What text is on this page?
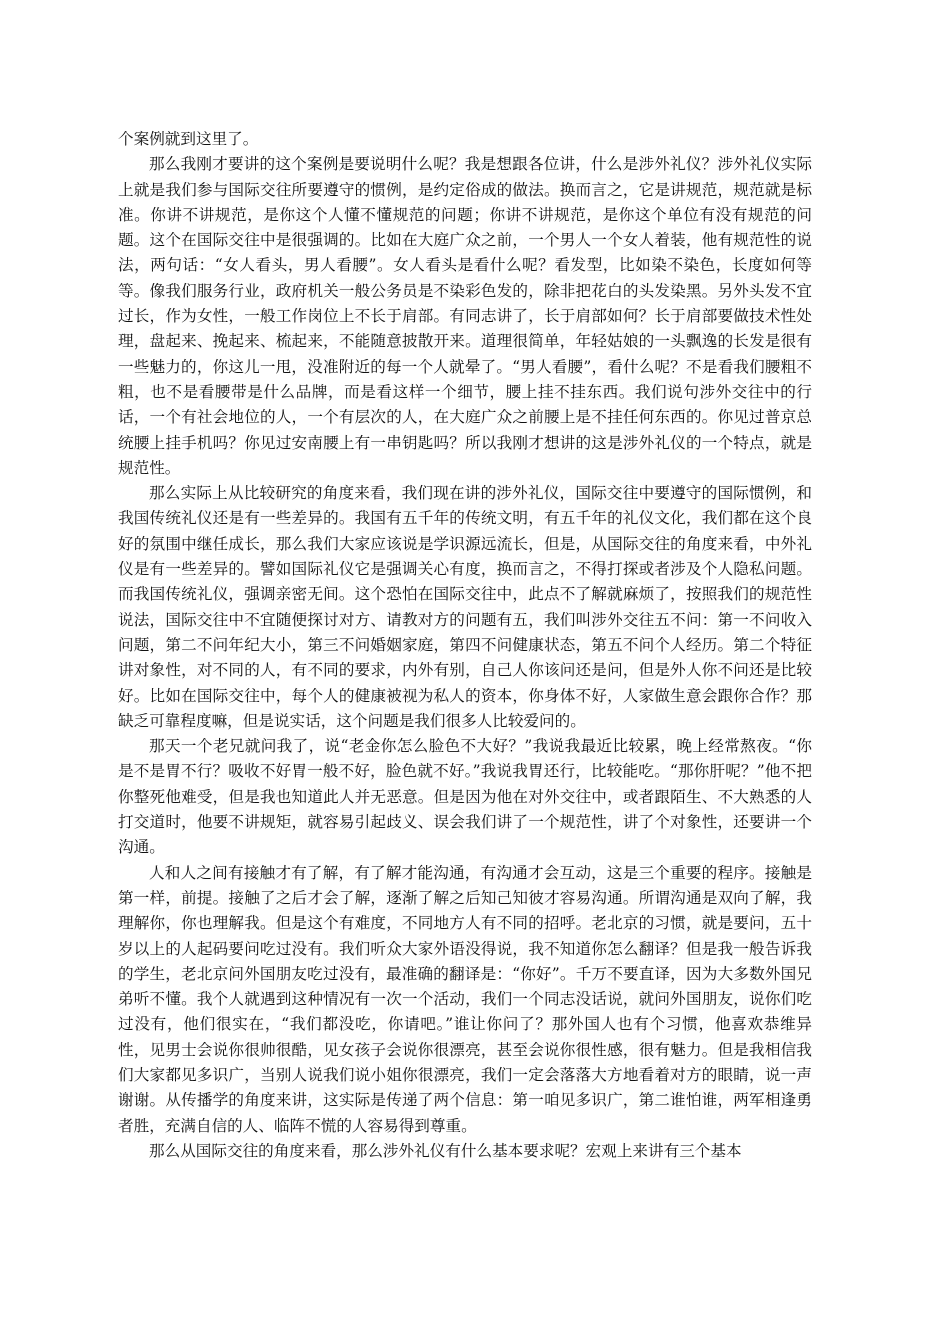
个案例就到这里了。

那么我刚才要讲的这个案例是要说明什么呢？我是想跟各位讲，什么是涉外礼仪？涉外礼仪实际上就是我们参与国际交往所要遵守的惯例，是约定俗成的做法。换而言之，它是讲规范，规范就是标准。你讲不讲规范，是你这个人懂不懂规范的问题；你讲不讲规范，是你这个单位有没有规范的问题。这个在国际交往中是很强调的。比如在大庭广众之前，一个男人一个女人着装，他有规范性的说法，两句话：“女人看头，男人看腰”。女人看头是看什么呢？看发型，比如染不染色，长度如何等等。像我们服务行业，政府机关一般公务员是不染彩色发的，除非把花白的头发染黑。另外头发不宜过长，作为女性，一般工作岗位上不长于肩部。有同志讲了，长于肩部如何？长于肩部要做技术性处理，盘起来、挽起来、梳起来，不能随意披散开来。道理很简单，年轻姑娘的一头飘逸的长发是很有一些魅力的，你这儿一甩，没准附近的每一个人就晕了。“男人看腰”，看什么呢？不是看我们腰粗不粗，也不是看腰带是什么品牌，而是看这样一个细节，腰上挂不挂东西。我们说句涉外交往中的行话，一个有社会地位的人，一个有层次的人，在大庭广众之前腰上是不挂任何东西的。你见过普京总统腰上挂手机吗？你见过安南腰上有一串钥匙吗？所以我刚才想讲的这是涉外礼仪的一个特点，就是规范性。

那么实际上从比较研究的角度来看，我们现在讲的涉外礼仪，国际交往中要遵守的国际惯例，和我国传统礼仪还是有一些差异的。我国有五千年的传统文明，有五千年的礼仪文化，我们都在这个良好的氛围中继任成长，那么我们大家应该说是学识源远流长，但是，从国际交往的角度来看，中外礼仪是有一些差异的。譬如国际礼仪它是强调关心有度，换而言之，不得打探或者涉及个人隐私问题。而我国传统礼仪，强调亲密无间。这个恐怕在国际交往中，此点不了解就麻烦了，按照我们的规范性说法，国际交往中不宜随便探讨对方、请教对方的问题有五，我们叫涉外交往五不问：第一不问收入问题，第二不问年纪大小，第三不问婚姻家庭，第四不问健康状态，第五不问个人经历。第二个特征讲对象性，对不同的人，有不同的要求，内外有别，自己人你该问还是问，但是外人你不问还是比较好。比如在国际交往中，每个人的健康被视为私人的资本，你身体不好，人家做生意会跟你合作？那缺乏可靠程度嘛，但是说实话，这个问题是我们很多人比较爱问的。

那天一个老兄就问我了，说“老金你怎么脸色不大好？”我说我最近比较累，晚上经常熬夜。“你是不是胃不行？吸收不好胃一般不好，脸色就不好。”我说我胃还行，比较能吃。“那你肝呢？”他不把你整死他难受，但是我也知道此人并无恶意。但是因为他在对外交往中，或者跟陌生、不大熟悉的人打交道时，他要不讲规矩，就容易引起歧义、误会我们讲了一个规范性，讲了个对象性，还要讲一个沟通。

人和人之间有接触才有了解，有了解才能沟通，有沟通才会互动，这是三个重要的程序。接触是第一样，前提。接触了之后才会了解，逐渐了解之后知己知彼才容易沟通。所谓沟通是双向了解，我理解你，你也理解我。但是这个有难度，不同地方人有不同的招呼。老北京的习惯，就是要问，五十岁以上的人起码要问吃过没有。我们听众大家外语没得说，我不知道你怎么翻译？但是我一般告诉我的学生，老北京问外国朋友吃过没有，最准确的翻译是：“你好”。千万不要直译，因为大多数外国兄弟听不懂。我个人就遇到这种情况有一次一个活动，我们一个同志没话说，就问外国朋友，说你们吃过没有，他们很实在，“我们都没吃，你请吧。”谁让你问了？那外国人也有个习惯，他喜欢恭维异性，见男士会说你很帅很酷，见女孩子会说你很漂亮，甚至会说你很性感，很有魅力。但是我相信我们大家都见多识广，当别人说我们说小姐你很漂亮，我们一定会落落大方地看着对方的眼睛，说一声谢谢。从传播学的角度来讲，这实际是传递了两个信息：第一咱见多识广，第二谁怕谁，两军相逢勇者胜，充满自信的人、临阵不慌的人容易得到尊重。

那么从国际交往的角度来看，那么涉外礼仪有什么基本要求呢？宏观上来讲有三个基本
